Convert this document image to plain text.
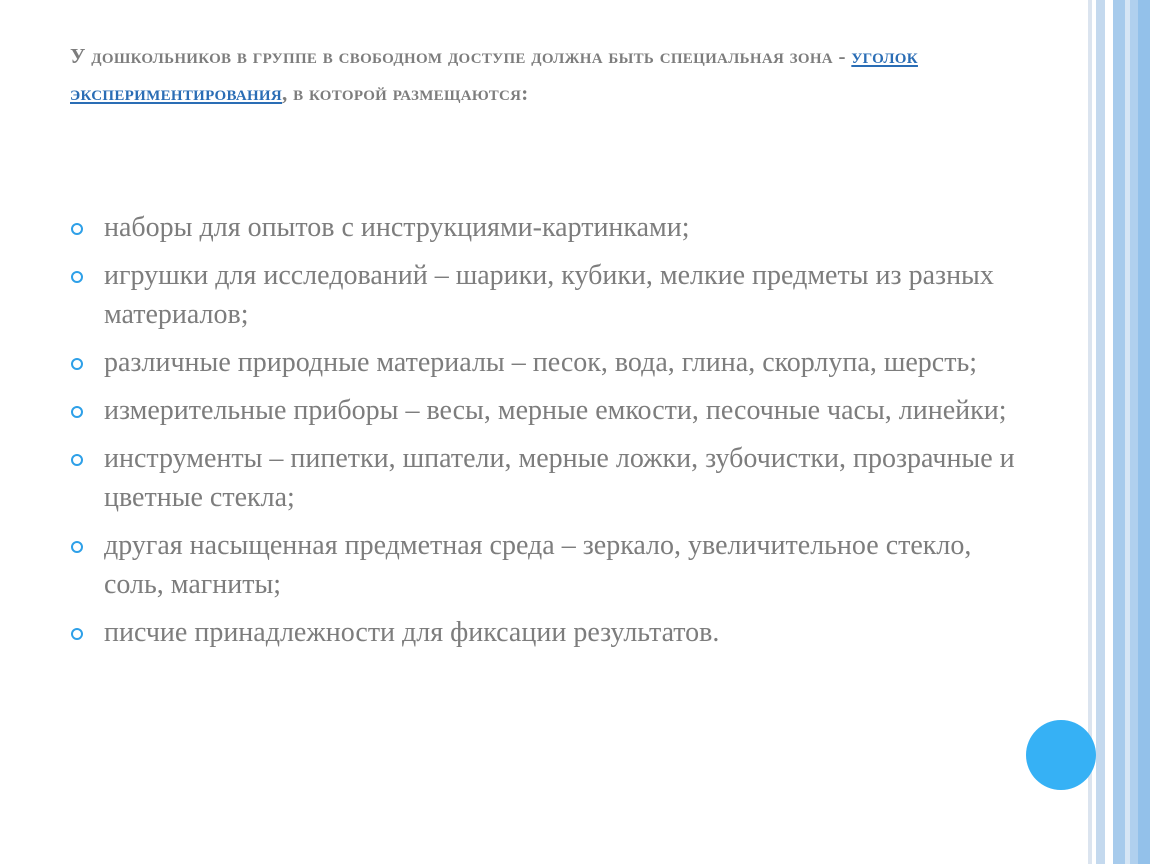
У дошкольников в группе в свободном доступе должна быть специальная зона - уголок экспериментирования, в которой размещаются:
наборы для опытов с инструкциями-картинками;
игрушки для исследований – шарики, кубики, мелкие предметы из разных материалов;
различные природные материалы – песок, вода, глина, скорлупа, шерсть;
измерительные приборы – весы, мерные емкости, песочные часы, линейки;
инструменты – пипетки, шпатели, мерные ложки, зубочистки, прозрачные и цветные стекла;
другая насыщенная предметная среда – зеркало, увеличительное стекло, соль, магниты;
писчие принадлежности для фиксации результатов.
